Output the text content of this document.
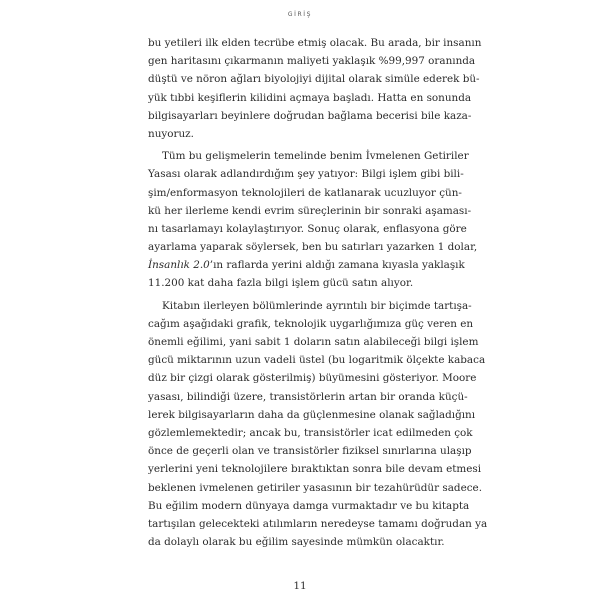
GİRİŞ
bu yetileri ilk elden tecrübe etmiş olacak. Bu arada, bir insanın
gen haritasını çıkarmanın maliyeti yaklaşık %99,997 oranında
düştü ve nöron ağları biyolojiyi dijital olarak simüle ederek bü-
yük tıbbi keşiflerin kilidini açmaya başladı. Hatta en sonunda
bilgisayarları beyinlere doğrudan bağlama becerisi bile kaza-
nuyoruz.
Tüm bu gelişmelerin temelinde benim İvmelenen Getiriler
Yasası olarak adlandırdığım şey yatıyor: Bilgi işlem gibi bili-
şim/enformasyon teknolojileri de katlanarak ucuzluyor çün-
kü her ilerleme kendi evrim süreçlerinin bir sonraki aşaması-
nı tasarlamayı kolaylaştırıyor. Sonuç olarak, enflasyona göre
ayarlama yaparak söylersek, ben bu satırları yazarken 1 dolar,
İnsanlık 2.0’ın raflarda yerini aldığı zamana kıyasla yaklaşık
11.200 kat daha fazla bilgi işlem gücü satın alıyor.
Kitabın ilerleyen bölümlerinde ayrıntılı bir biçimde tartışa-
cağım aşağıdaki grafik, teknolojik uygarlığımıza güç veren en
önemli eğilimi, yani sabit 1 doların satın alabileceği bilgi işlem
gücü miktarının uzun vadeli üstel (bu logaritmik ölçekte kabaca
düz bir çizgi olarak gösterilmiş) büyümesini gösteriyor. Moore
yasası, bilindiği üzere, transistörlerin artan bir oranda küçü-
lerek bilgisayarların daha da güçlenmesine olanak sağladığını
gözlemlemektedir; ancak bu, transistörler icat edilmeden çok
önce de geçerli olan ve transistörler fiziksel sınırlarına ulaşıp
yerlerini yeni teknolojilere bıraktıktan sonra bile devam etmesi
beklenen ivmelenen getiriler yasasının bir tezahürüdür sadece.
Bu eğilim modern dünyaya damga vurmaktadır ve bu kitapta
tartışılan gelecekteki atılımların neredeyse tamamı doğrudan ya
da dolaylı olarak bu eğilim sayesinde mümkün olacaktır.
11
